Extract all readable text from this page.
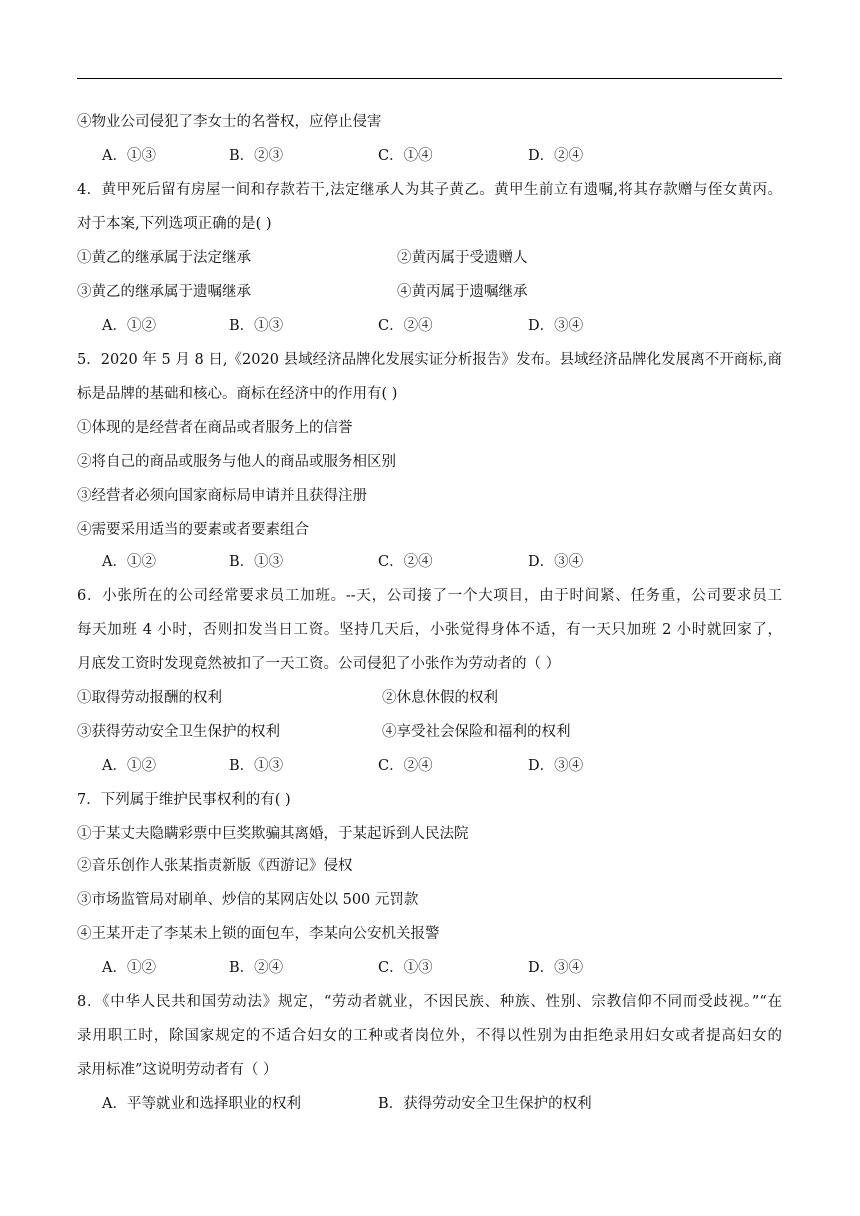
④物业公司侵犯了李女士的名誉权，应停止侵害
A．①③	B．②③	C．①④	D．②④
4．黄甲死后留有房屋一间和存款若干,法定继承人为其子黄乙。黄甲生前立有遗嘱,将其存款赠与侄女黄丙。
对于本案,下列选项正确的是( )
①黄乙的继承属于法定继承	②黄丙属于受遗赠人
③黄乙的继承属于遗嘱继承	④黄丙属于遗嘱继承
A．①②	B．①③	C．②④	D．③④
5．2020 年 5 月 8 日,《2020 县域经济品牌化发展实证分析报告》发布。县域经济品牌化发展离不开商标,商
标是品牌的基础和核心。商标在经济中的作用有( )
①体现的是经营者在商品或者服务上的信誉
②将自己的商品或服务与他人的商品或服务相区别
③经营者必须向国家商标局申请并且获得注册
④需要采用适当的要素或者要素组合
A．①②	B．①③	C．②④	D．③④
6．小张所在的公司经常要求员工加班。--天，公司接了一个大项目，由于时间紧、任务重，公司要求员工
每天加班 4 小时，否则扣发当日工资。坚持几天后，小张觉得身体不适，有一天只加班 2 小时就回家了，
月底发工资时发现竟然被扣了一天工资。公司侵犯了小张作为劳动者的（ ）
①取得劳动报酬的权利	②休息休假的权利
③获得劳动安全卫生保护的权利	④享受社会保险和福利的权利
A．①②	B．①③	C．②④	D．③④
7．下列属于维护民事权利的有( )
①于某丈夫隐瞒彩票中巨奖欺骗其离婚，于某起诉到人民法院
②音乐创作人张某指责新版《西游记》侵权
③市场监管局对刷单、炒信的某网店处以 500 元罚款
④王某开走了李某未上锁的面包车，李某向公安机关报警
A．①②	B．②④	C．①③	D．③④
8．《中华人民共和国劳动法》规定，“劳动者就业，不因民族、种族、性别、宗教信仰不同而受歧视。”“在
录用职工时，除国家规定的不适合妇女的工种或者岗位外，不得以性别为由拒绝录用妇女或者提高妇女的
录用标准”这说明劳动者有（ ）
A．平等就业和选择职业的权利	B．获得劳动安全卫生保护的权利
